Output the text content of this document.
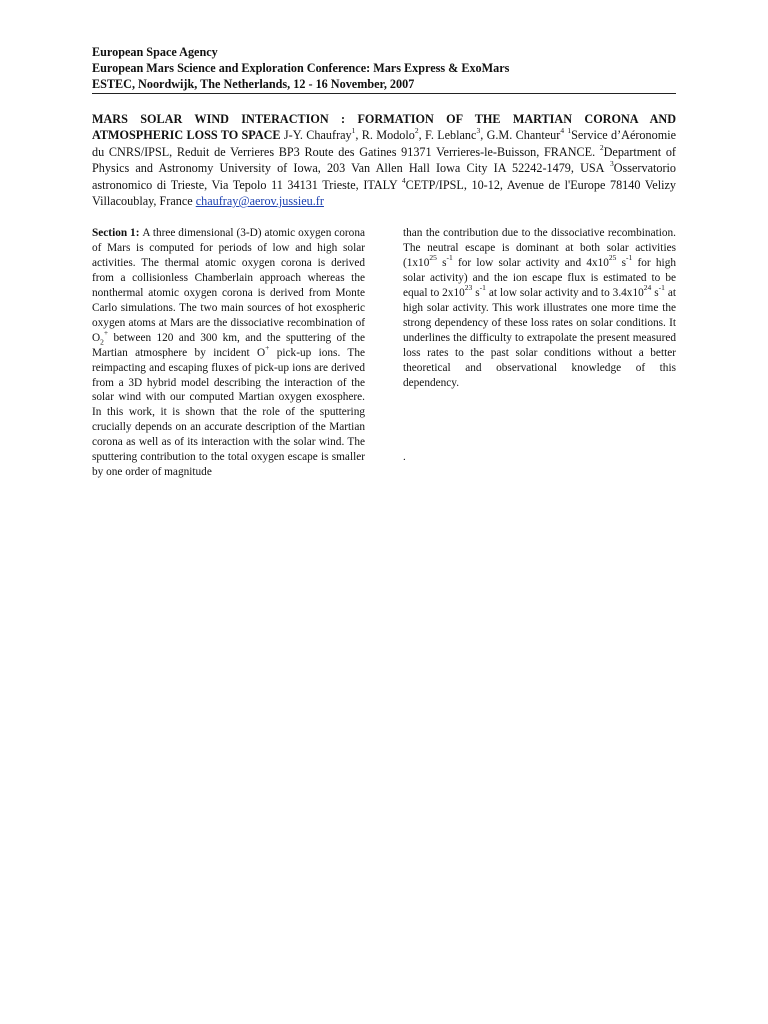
European Space Agency
European Mars Science and Exploration Conference: Mars Express & ExoMars
ESTEC, Noordwijk, The Netherlands, 12 - 16 November, 2007
MARS SOLAR WIND INTERACTION : FORMATION OF THE MARTIAN CORONA AND ATMOSPHERIC LOSS TO SPACE J-Y. Chaufray$^1$, R. Modolo$^2$, F. Leblanc$^3$, G.M. Chanteur$^4$ $^1$Service d’Aéronomie du CNRS/IPSL, Reduit de Verrieres BP3 Route des Gatines 91371 Verrieres-le-Buisson, FRANCE. $^2$Department of Physics and Astronomy University of Iowa, 203 Van Allen Hall Iowa City IA 52242-1479, USA $^3$Osservatorio astronomico di Trieste, Via Tepolo 11 34131 Trieste, ITALY $^4$CETP/IPSL, 10-12, Avenue de l'Europe 78140 Velizy Villacoublay, France chaufray@aerov.jussieu.fr
Section 1: A three dimensional (3-D) atomic oxygen corona of Mars is computed for periods of low and high solar activities. The thermal atomic oxygen corona is derived from a collisionless Chamberlain approach whereas the nonthermal atomic oxygen corona is derived from Monte Carlo simulations. The two main sources of hot exospheric oxygen atoms at Mars are the dissociative recombination of $O_2^+$ between 120 and 300 km, and the sputtering of the Martian atmosphere by incident O+ pick-up ions. The reimpacting and escaping fluxes of pick-up ions are derived from a 3D hybrid model describing the interaction of the solar wind with our computed Martian oxygen exosphere. In this work, it is shown that the role of the sputtering crucially depends on an accurate description of the Martian corona as well as of its interaction with the solar wind. The sputtering contribution to the total oxygen escape is smaller by one order of magnitude
than the contribution due to the dissociative recombination. The neutral escape is dominant at both solar activities ($1x10^{25}$ $s^{-1}$ for low solar activity and $4x10^{25}$ $s^{-1}$ for high solar activity) and the ion escape flux is estimated to be equal to $2x10^{23}$ $s^{-1}$ at low solar activity and to $3.4x10^{24}$ $s^{-1}$ at high solar activity. This work illustrates one more time the strong dependency of these loss rates on solar conditions. It underlines the difficulty to extrapolate the present measured loss rates to the past solar conditions without a better theoretical and observational knowledge of this dependency.
.
